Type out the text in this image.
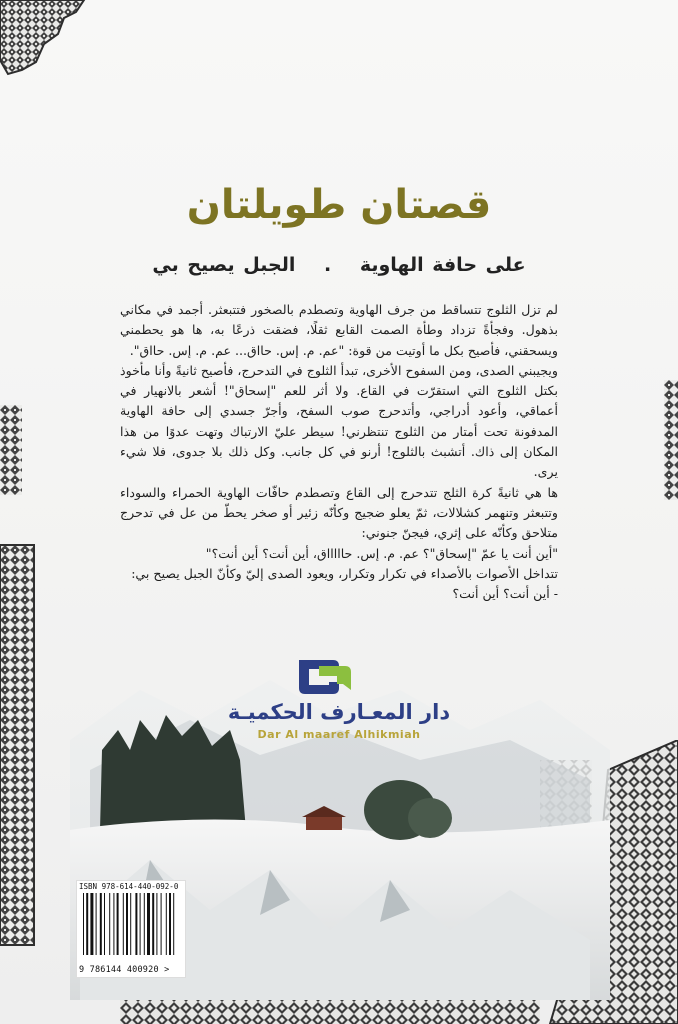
قصتان طويلتان
على حافة الهاوية . الجبل يصيح بي

لم تزل الثلوج تتساقط من جرف الهاوية وتصطدم بالصخور فتتبعثر. أجمد في مكاني بذهول. وفجأةً تزداد وطأة الصمت القابع ثقلًا، فضقت ذرعًا به، ها هو يحطمني ويسحقني، فأصيح بكل ما أوتيت من قوة: "عم. م. إس. حااق... عم. م. إس. حااق".

ويجيبني الصدى، ومن السفوح الأخرى، تبدأ الثلوج في التدحرج، فأصيح ثانيةً وأنا مأخوذ بكتل الثلوج التي استقرّت في القاع. ولا أثر للعم "إسحاق"! أشعر بالانهيار في أعماقي، وأعود أدراجي، وأتدحرج صوب السفح، وأجرّ جسدي إلى حافة الهاوية المدفونة تحت أمتار من الثلوج تنتظرني! سيطر عليّ الارتباك وتهت عدوًا من هذا المكان إلى ذاك. أتشبث بالثلوج! أرنو في كل جانب. وكل ذلك بلا جدوى، فلا شيء يرى.

ها هي ثانيةً كرة الثلج تتدحرج إلى القاع وتصطدم حافّات الهاوية الحمراء والسوداء وتتبعثر وتنهمر كشلالات، ثمّ يعلو ضجيج وكأنّه زئير أو صخر يحطّ من عل في تدحرج متلاحق وكأنّه على إثري، فيجنّ جنوني:

"أين أنت يا عمّ "إسحاق"؟ عم. م. إس. حاااااق، أين أنت؟ أين أنت؟"

تتداخل الأصوات بالأصداء في تكرار وتكرار، ويعود الصدى إليّ وكأنّ الجبل يصيح بي:

- أين أنت؟ أين أنت؟

دار المعـارف الحكميـة
Dar Al maaref Alhikmiah
ISBN 978-614-440-092-0
9 786144 400920 >
